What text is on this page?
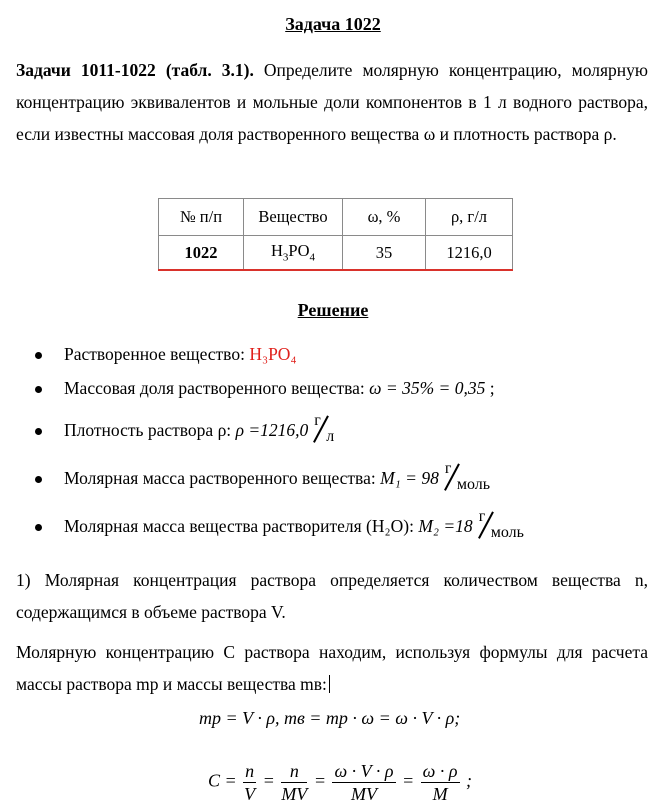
Задача 1022
Задачи 1011-1022 (табл. 3.1). Определите молярную концентрацию, молярную концентрацию эквивалентов и мольные доли компонентов в 1 л водного раствора, если известны массовая доля растворенного вещества ω и плотность раствора ρ.
№ п/п	Вещество	ω, %	ρ, г/л
1022	$H_3PO_4$	35	1216,0
Решение
Растворенное вещество: H₃PO₄
Массовая доля растворенного вещества: ω = 35% = 0,35 ;
Плотность раствора ρ: ρ =1216,0 г
л
Молярная масса растворенного вещества: M₁ = 98 г
моль
Молярная масса вещества растворителя (H₂O): M₂ =18 г
моль
1) Молярная концентрация раствора определяется количеством вещества n, содержащимся в объеме раствора V.
Молярную концентрацию С раствора находим, используя формулы для расчета массы раствора mр и массы вещества mв:
mр = V · ρ, mв = mр · ω = ω · V · ρ;
$C = \frac{n}{V} = \frac{n}{MV} = \frac{\omega \cdot V \cdot \rho}{MV} = \frac{\omega \cdot \rho}{M}$ ;
